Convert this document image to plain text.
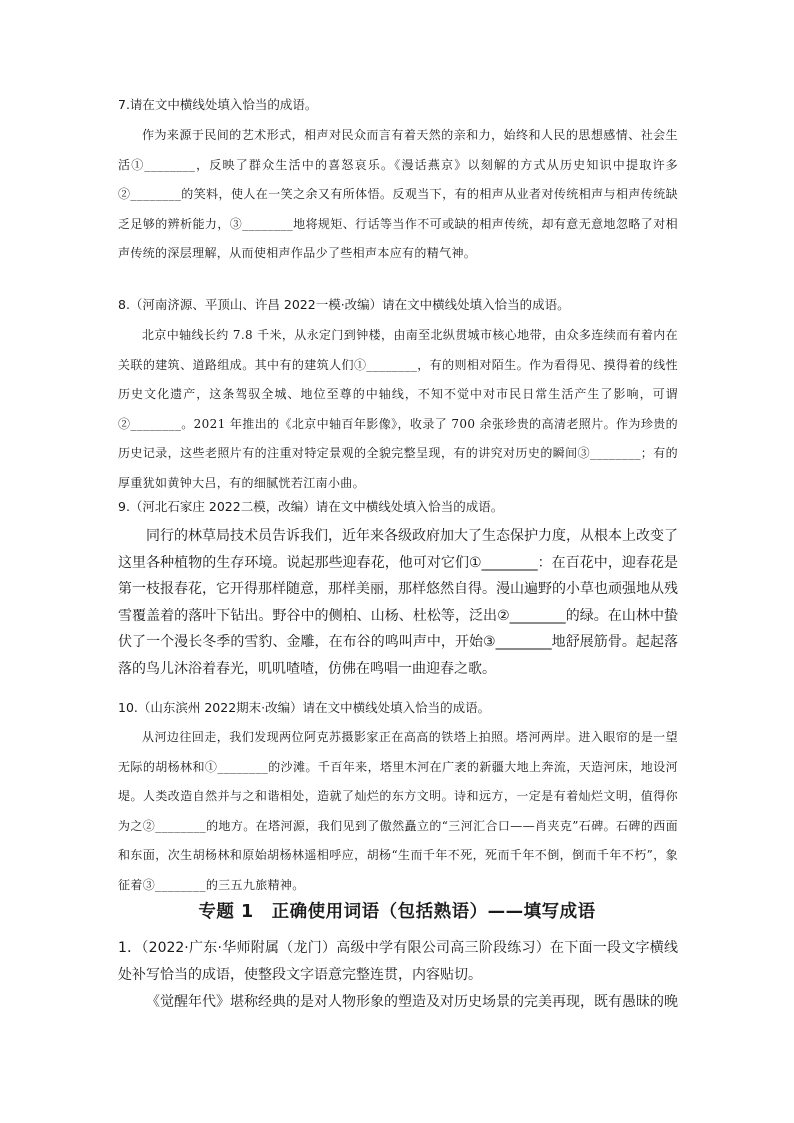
7.请在文中横线处填入恰当的成语。

作为来源于民间的艺术形式，相声对民众而言有着天然的亲和力，始终和人民的思想感情、社会生活①________，反映了群众生活中的喜怒哀乐。《漫话燕京》以刻解的方式从历史知识中提取许多②________的笑料，使人在一笑之余又有所体悟。反观当下，有的相声从业者对传统相声与相声传统缺乏足够的辨析能力，③________地将规矩、行话等当作不可或缺的相声传统，却有意无意地忽略了对相声传统的深层理解，从而使相声作品少了些相声本应有的精气神。

8.（河南济源、平顶山、许昌 2022一模·改编）请在文中横线处填入恰当的成语。

北京中轴线长约 7.8 千米，从永定门到钟楼，由南至北纵贯城市核心地带，由众多连续而有着内在关联的建筑、道路组成。其中有的建筑人们①________，有的则相对陌生。作为看得见、摸得着的线性历史文化遗产，这条驾驭全城、地位至尊的中轴线，不知不觉中对市民日常生活产生了影响，可谓②________。2021 年推出的《北京中轴百年影像》，收录了 700 余张珍贵的高清老照片。作为珍贵的历史记录，这些老照片有的注重对特定景观的全貌完整呈现，有的讲究对历史的瞬间③________；有的厚重犹如黄钟大吕，有的细腻恍若江南小曲。

9.（河北石家庄 2022二模，改编）请在文中横线处填入恰当的成语。

同行的林草局技术员告诉我们，近年来各级政府加大了生态保护力度，从根本上改变了这里各种植物的生存环境。说起那些迎春花，他可对它们①________：在百花中，迎春花是第一枝报春花，它开得那样随意，那样美丽，那样悠然自得。漫山遍野的小草也顽强地从残雪覆盖着的落叶下钻出。野谷中的侧柏、山杨、杜松等，泛出②________的绿。在山林中蛰伏了一个漫长冬季的雪豹、金雕，在布谷的鸣叫声中，开始③________地舒展筋骨。起起落落的鸟儿沐浴着春光，叽叽喳喳，仿佛在鸣唱一曲迎春之歌。

10.（山东滨州 2022期末·改编）请在文中横线处填入恰当的成语。

从河边往回走，我们发现两位阿克苏摄影家正在高高的铁塔上拍照。塔河两岸。进入眼帘的是一望无际的胡杨林和①________的沙滩。千百年来，塔里木河在广袤的新疆大地上奔流，天造河床，地设河堤。人类改造自然并与之和谐相处，造就了灿烂的东方文明。诗和远方，一定是有着灿烂文明，值得你为之②________的地方。在塔河源，我们见到了傲然矗立的“三河汇合口——肖夹克”石碑。石碑的西面和东面，次生胡杨林和原始胡杨林遥相呼应，胡杨“生而千年不死，死而千年不倒，倒而千年不朽”，象征着③________的三五九旅精神。

专题 1　正确使用词语（包括熟语）——填写成语

1．（2022·广东·华师附属（龙门）高级中学有限公司高三阶段练习）在下面一段文字横线处补写恰当的成语，使整段文字语意完整连贯，内容贴切。

《觉醒年代》堪称经典的是对人物形象的塑造及对历史场景的完美再现，既有愚昧的晚
